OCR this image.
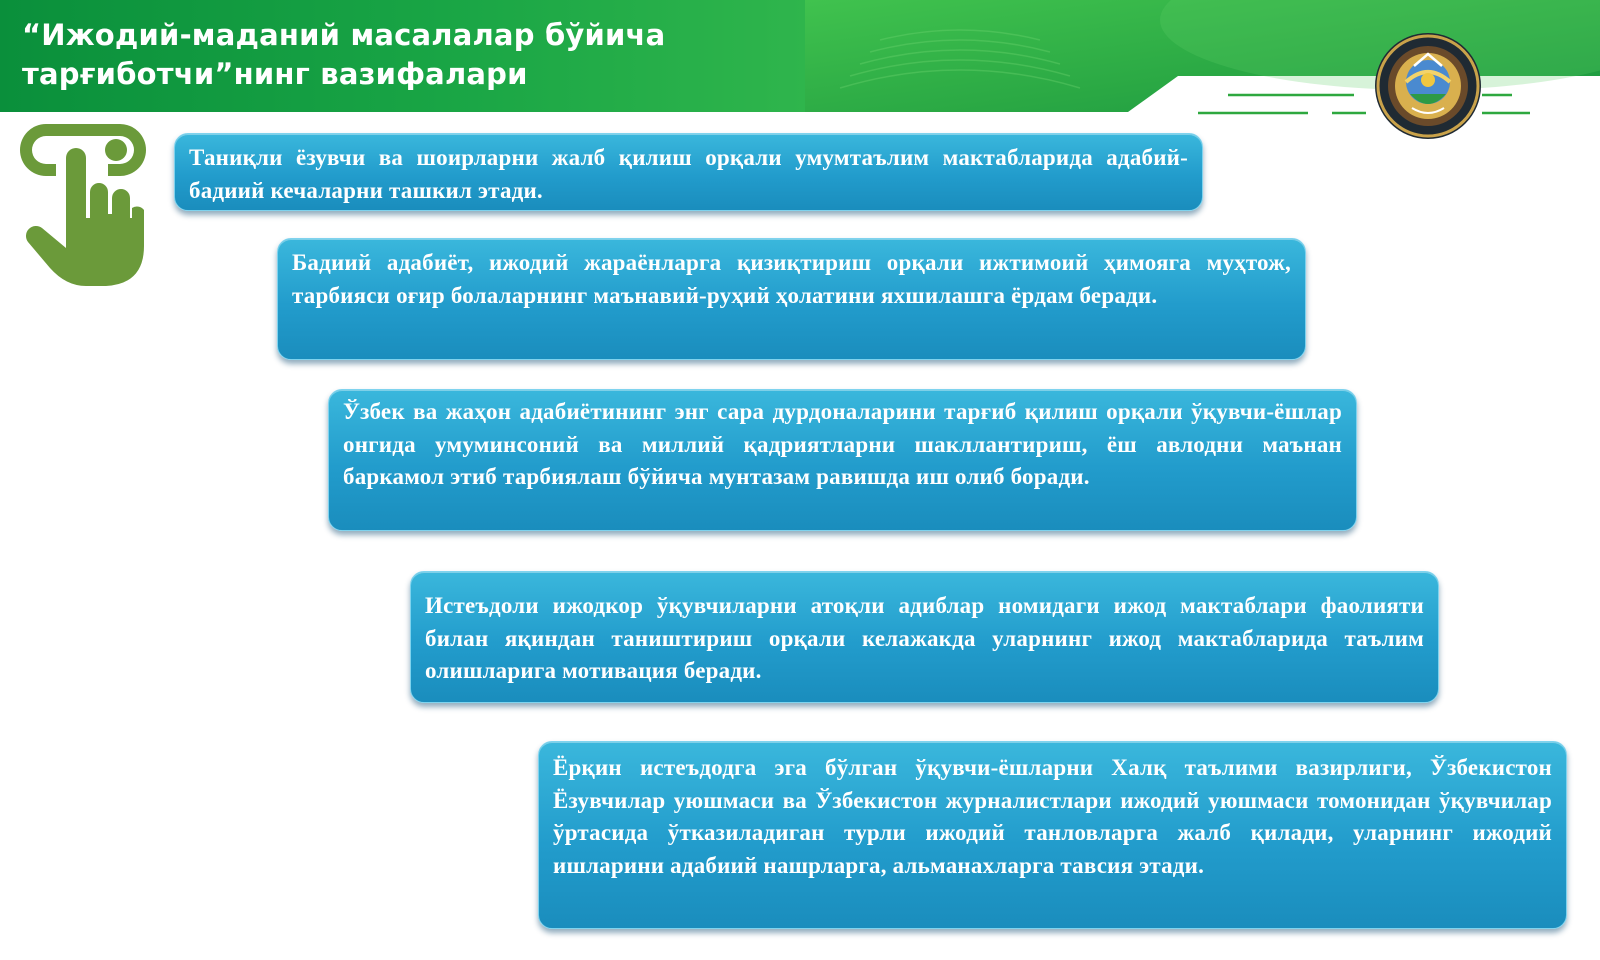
“Ижодий-маданий масалалар бўйича
тарғиботчи”нинг вазифалари
Таниқли ёзувчи ва шоирларни жалб қилиш орқали умумтаълим мактабларида адабий-бадиий кечаларни ташкил этади.
Бадиий адабиёт, ижодий жараёнларга қизиқтириш орқали ижтимоий ҳимояга муҳтож, тарбияси оғир болаларнинг маънавий-руҳий ҳолатини яхшилашга ёрдам беради.
Ўзбек ва жаҳон адабиётининг энг сара дурдоналарини тарғиб қилиш орқали ўқувчи-ёшлар онгида умуминсоний ва миллий қадриятларни шакллантириш, ёш авлодни маънан баркамол этиб тарбиялаш бўйича мунтазам равишда иш олиб боради.
Истеъдоли ижодкор ўқувчиларни атоқли адиблар номидаги ижод мактаблари фаолияти билан яқиндан таништириш орқали келажакда уларнинг ижод мактабларида таълим олишларига мотивация беради.
Ёрқин истеъдодга эга бўлган ўқувчи-ёшларни Халқ таълими вазирлиги, Ўзбекистон Ёзувчилар уюшмаси ва Ўзбекистон журналистлари ижодий уюшмаси томонидан ўқувчилар ўртасида ўтказиладиган турли ижодий танловларга жалб қилади, уларнинг ижодий ишларини адабиий нашрларга, альманахларга тавсия этади.
